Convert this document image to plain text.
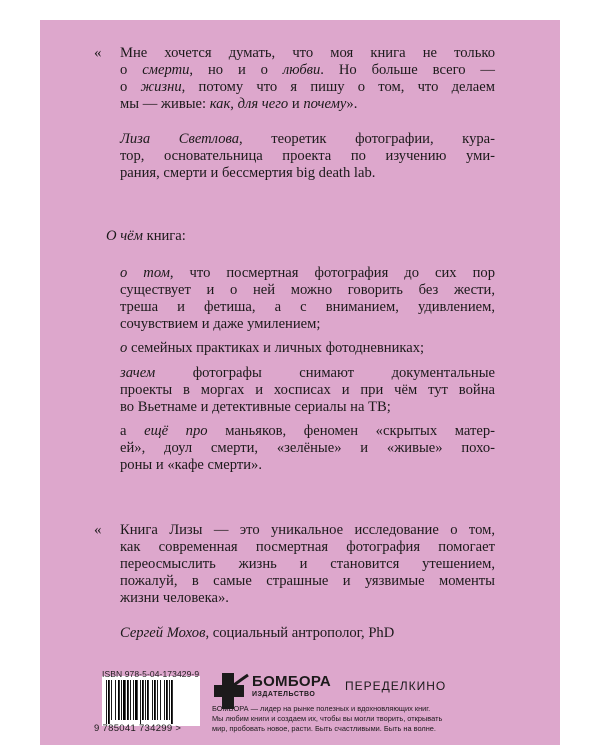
« Мне хочется думать, что моя книга не только
о смерти, но и о любви. Но больше всего —
о жизни, потому что я пишу о том, что делаем
мы — живые: как, для чего и почему».
Лиза Светлова, теоретик фотографии, кура-
тор, основательница проекта по изучению уми-
рания, смерти и бессмертия big death lab.
О чём книга:
о том, что посмертная фотография до сих пор
существует и о ней можно говорить без жести,
треша и фетиша, а с вниманием, удивлением,
сочувствием и даже умилением;
о семейных практиках и личных фотодневниках;
зачем фотографы снимают документальные
проекты в моргах и хосписах и при чём тут война
во Вьетнаме и детективные сериалы на ТВ;
а ещё про маньяков, феномен «скрытых матер-
ей», доул смерти, «зелёные» и «живые» похо-
роны и «кафе смерти».
« Книга Лизы — это уникальное исследование о том,
как современная посмертная фотография помогает
переосмыслить жизнь и становится утешением,
пожалуй, в самые страшные и уязвимые моменты
жизни человека».
Сергей Мохов, социальный антрополог, PhD
ISBN 978-5-04-173429-9
9 785041 734299 >
БОМБОРА
ИЗДАТЕЛЬСТВО
ПЕРЕДЕЛКИНО
БОМБОРА — лидер на рынке полезных и вдохновляющих книг.
Мы любим книги и создаем их, чтобы вы могли творить, открывать
мир, пробовать новое, расти. Быть счастливыми. Быть на волне.
